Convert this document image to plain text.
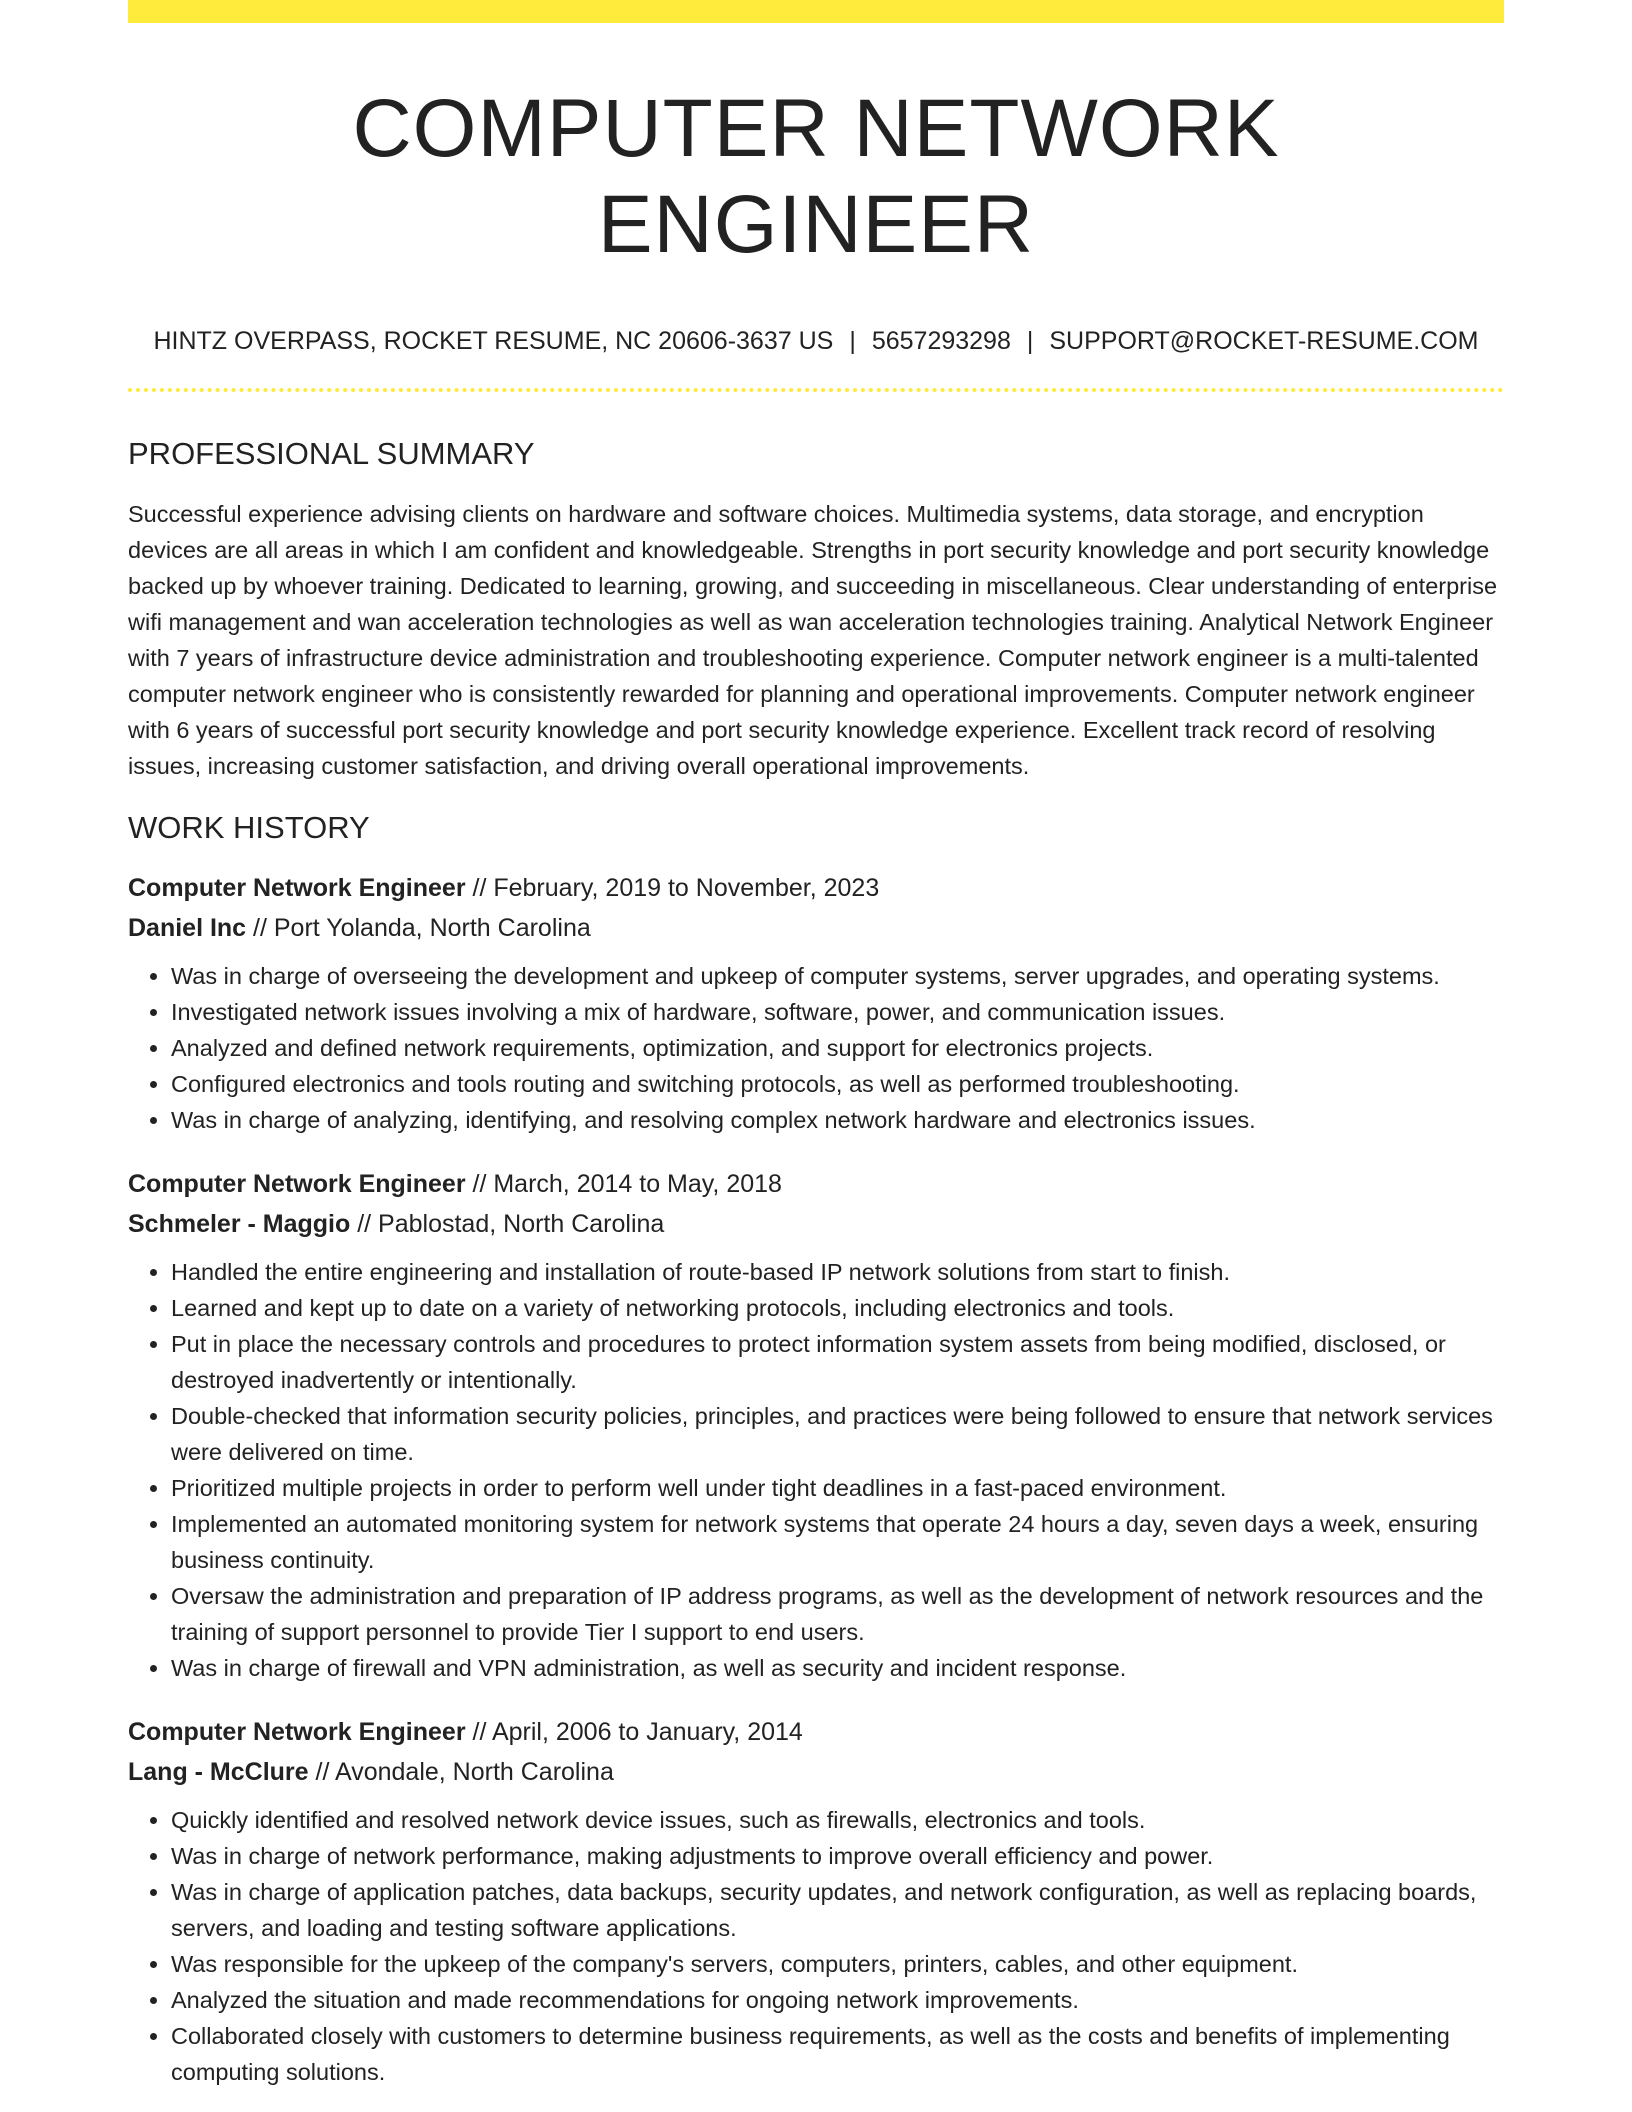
COMPUTER NETWORK ENGINEER
HINTZ OVERPASS, ROCKET RESUME, NC 20606-3637 US | 5657293298 | SUPPORT@ROCKET-RESUME.COM
PROFESSIONAL SUMMARY

Successful experience advising clients on hardware and software choices. Multimedia systems, data storage, and encryption devices are all areas in which I am confident and knowledgeable. Strengths in port security knowledge and port security knowledge backed up by whoever training. Dedicated to learning, growing, and succeeding in miscellaneous. Clear understanding of enterprise wifi management and wan acceleration technologies as well as wan acceleration technologies training. Analytical Network Engineer with 7 years of infrastructure device administration and troubleshooting experience. Computer network engineer is a multi-talented computer network engineer who is consistently rewarded for planning and operational improvements. Computer network engineer with 6 years of successful port security knowledge and port security knowledge experience. Excellent track record of resolving issues, increasing customer satisfaction, and driving overall operational improvements.

WORK HISTORY
Computer Network Engineer // February, 2019 to November, 2023
Daniel Inc // Port Yolanda, North Carolina
• Was in charge of overseeing the development and upkeep of computer systems, server upgrades, and operating systems.
• Investigated network issues involving a mix of hardware, software, power, and communication issues.
• Analyzed and defined network requirements, optimization, and support for electronics projects.
• Configured electronics and tools routing and switching protocols, as well as performed troubleshooting.
• Was in charge of analyzing, identifying, and resolving complex network hardware and electronics issues.
Computer Network Engineer // March, 2014 to May, 2018
Schmeler - Maggio // Pablostad, North Carolina
• Handled the entire engineering and installation of route-based IP network solutions from start to finish.
• Learned and kept up to date on a variety of networking protocols, including electronics and tools.
• Put in place the necessary controls and procedures to protect information system assets from being modified, disclosed, or destroyed inadvertently or intentionally.
• Double-checked that information security policies, principles, and practices were being followed to ensure that network services were delivered on time.
• Prioritized multiple projects in order to perform well under tight deadlines in a fast-paced environment.
• Implemented an automated monitoring system for network systems that operate 24 hours a day, seven days a week, ensuring business continuity.
• Oversaw the administration and preparation of IP address programs, as well as the development of network resources and the training of support personnel to provide Tier I support to end users.
• Was in charge of firewall and VPN administration, as well as security and incident response.
Computer Network Engineer // April, 2006 to January, 2014
Lang - McClure // Avondale, North Carolina
• Quickly identified and resolved network device issues, such as firewalls, electronics and tools.
• Was in charge of network performance, making adjustments to improve overall efficiency and power.
• Was in charge of application patches, data backups, security updates, and network configuration, as well as replacing boards, servers, and loading and testing software applications.
• Was responsible for the upkeep of the company's servers, computers, printers, cables, and other equipment.
• Analyzed the situation and made recommendations for ongoing network improvements.
• Collaborated closely with customers to determine business requirements, as well as the costs and benefits of implementing computing solutions.
